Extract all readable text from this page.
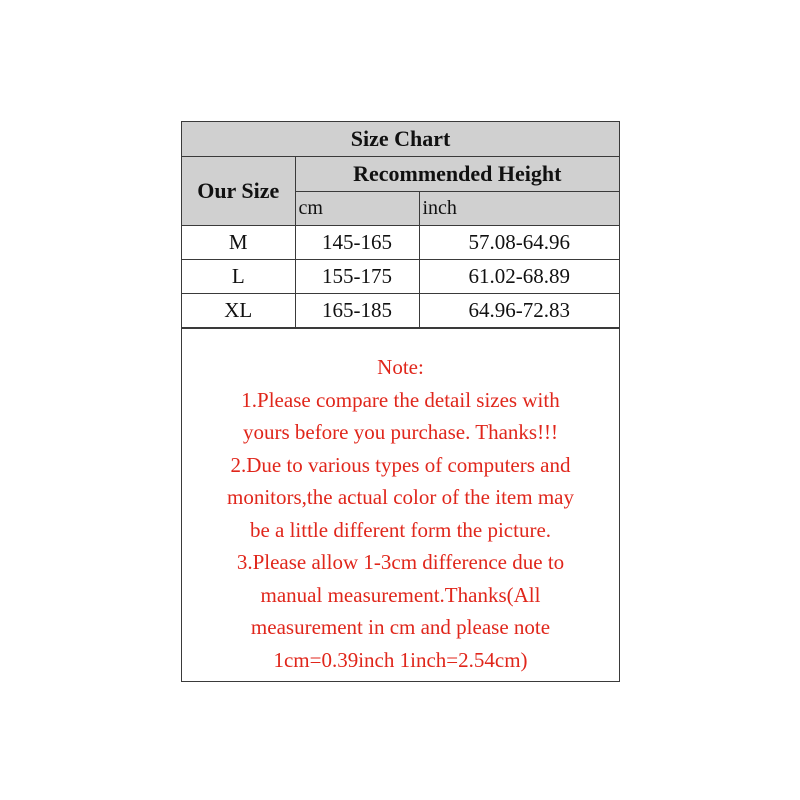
Size Chart		
Our Size	Recommended Height	
	cm	inch
M	145-165	57.08-64.96
L	155-175	61.02-68.89
XL	165-185	64.96-72.83
Note:
1.Please compare the detail sizes with
yours before you purchase. Thanks!!!
2.Due to various types of computers and
monitors,the actual color of the item may
be a little different form the picture.
3.Please allow 1-3cm difference due to
manual measurement.Thanks(All
measurement in cm and please note
1cm=0.39inch 1inch=2.54cm)
